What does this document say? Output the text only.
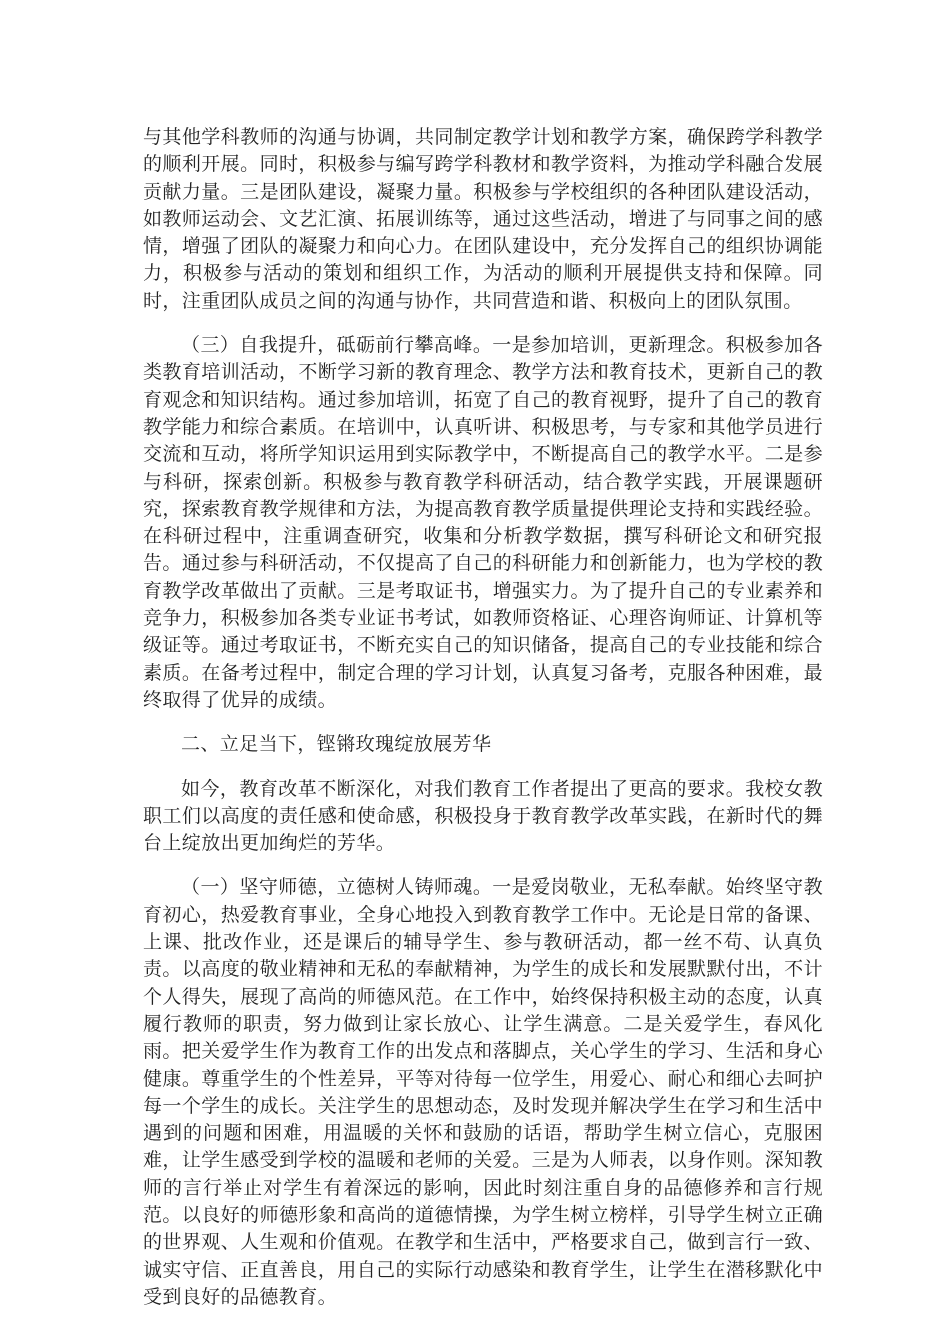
与其他学科教师的沟通与协调，共同制定教学计划和教学方案，确保跨学科教学的顺利开展。同时，积极参与编写跨学科教材和教学资料，为推动学科融合发展贡献力量。三是团队建设，凝聚力量。积极参与学校组织的各种团队建设活动，如教师运动会、文艺汇演、拓展训练等，通过这些活动，增进了与同事之间的感情，增强了团队的凝聚力和向心力。在团队建设中，充分发挥自己的组织协调能力，积极参与活动的策划和组织工作，为活动的顺利开展提供支持和保障。同时，注重团队成员之间的沟通与协作，共同营造和谐、积极向上的团队氛围。

（三）自我提升，砥砺前行攀高峰。一是参加培训，更新理念。积极参加各类教育培训活动，不断学习新的教育理念、教学方法和教育技术，更新自己的教育观念和知识结构。通过参加培训，拓宽了自己的教育视野，提升了自己的教育教学能力和综合素质。在培训中，认真听讲、积极思考，与专家和其他学员进行交流和互动，将所学知识运用到实际教学中，不断提高自己的教学水平。二是参与科研，探索创新。积极参与教育教学科研活动，结合教学实践，开展课题研究，探索教育教学规律和方法，为提高教育教学质量提供理论支持和实践经验。在科研过程中，注重调查研究，收集和分析教学数据，撰写科研论文和研究报告。通过参与科研活动，不仅提高了自己的科研能力和创新能力，也为学校的教育教学改革做出了贡献。三是考取证书，增强实力。为了提升自己的专业素养和竞争力，积极参加各类专业证书考试，如教师资格证、心理咨询师证、计算机等级证等。通过考取证书，不断充实自己的知识储备，提高自己的专业技能和综合素质。在备考过程中，制定合理的学习计划，认真复习备考，克服各种困难，最终取得了优异的成绩。

二、立足当下，铿锵玫瑰绽放展芳华

如今，教育改革不断深化，对我们教育工作者提出了更高的要求。我校女教职工们以高度的责任感和使命感，积极投身于教育教学改革实践，在新时代的舞台上绽放出更加绚烂的芳华。

（一）坚守师德，立德树人铸师魂。一是爱岗敬业，无私奉献。始终坚守教育初心，热爱教育事业，全身心地投入到教育教学工作中。无论是日常的备课、上课、批改作业，还是课后的辅导学生、参与教研活动，都一丝不苟、认真负责。以高度的敬业精神和无私的奉献精神，为学生的成长和发展默默付出，不计个人得失，展现了高尚的师德风范。在工作中，始终保持积极主动的态度，认真履行教师的职责，努力做到让家长放心、让学生满意。二是关爱学生，春风化雨。把关爱学生作为教育工作的出发点和落脚点，关心学生的学习、生活和身心健康。尊重学生的个性差异，平等对待每一位学生，用爱心、耐心和细心去呵护每一个学生的成长。关注学生的思想动态，及时发现并解决学生在学习和生活中遇到的问题和困难，用温暖的关怀和鼓励的话语，帮助学生树立信心，克服困难，让学生感受到学校的温暖和老师的关爱。三是为人师表，以身作则。深知教师的言行举止对学生有着深远的影响，因此时刻注重自身的品德修养和言行规范。以良好的师德形象和高尚的道德情操，为学生树立榜样，引导学生树立正确的世界观、人生观和价值观。在教学和生活中，严格要求自己，做到言行一致、诚实守信、正直善良，用自己的实际行动感染和教育学生，让学生在潜移默化中受到良好的品德教育。
